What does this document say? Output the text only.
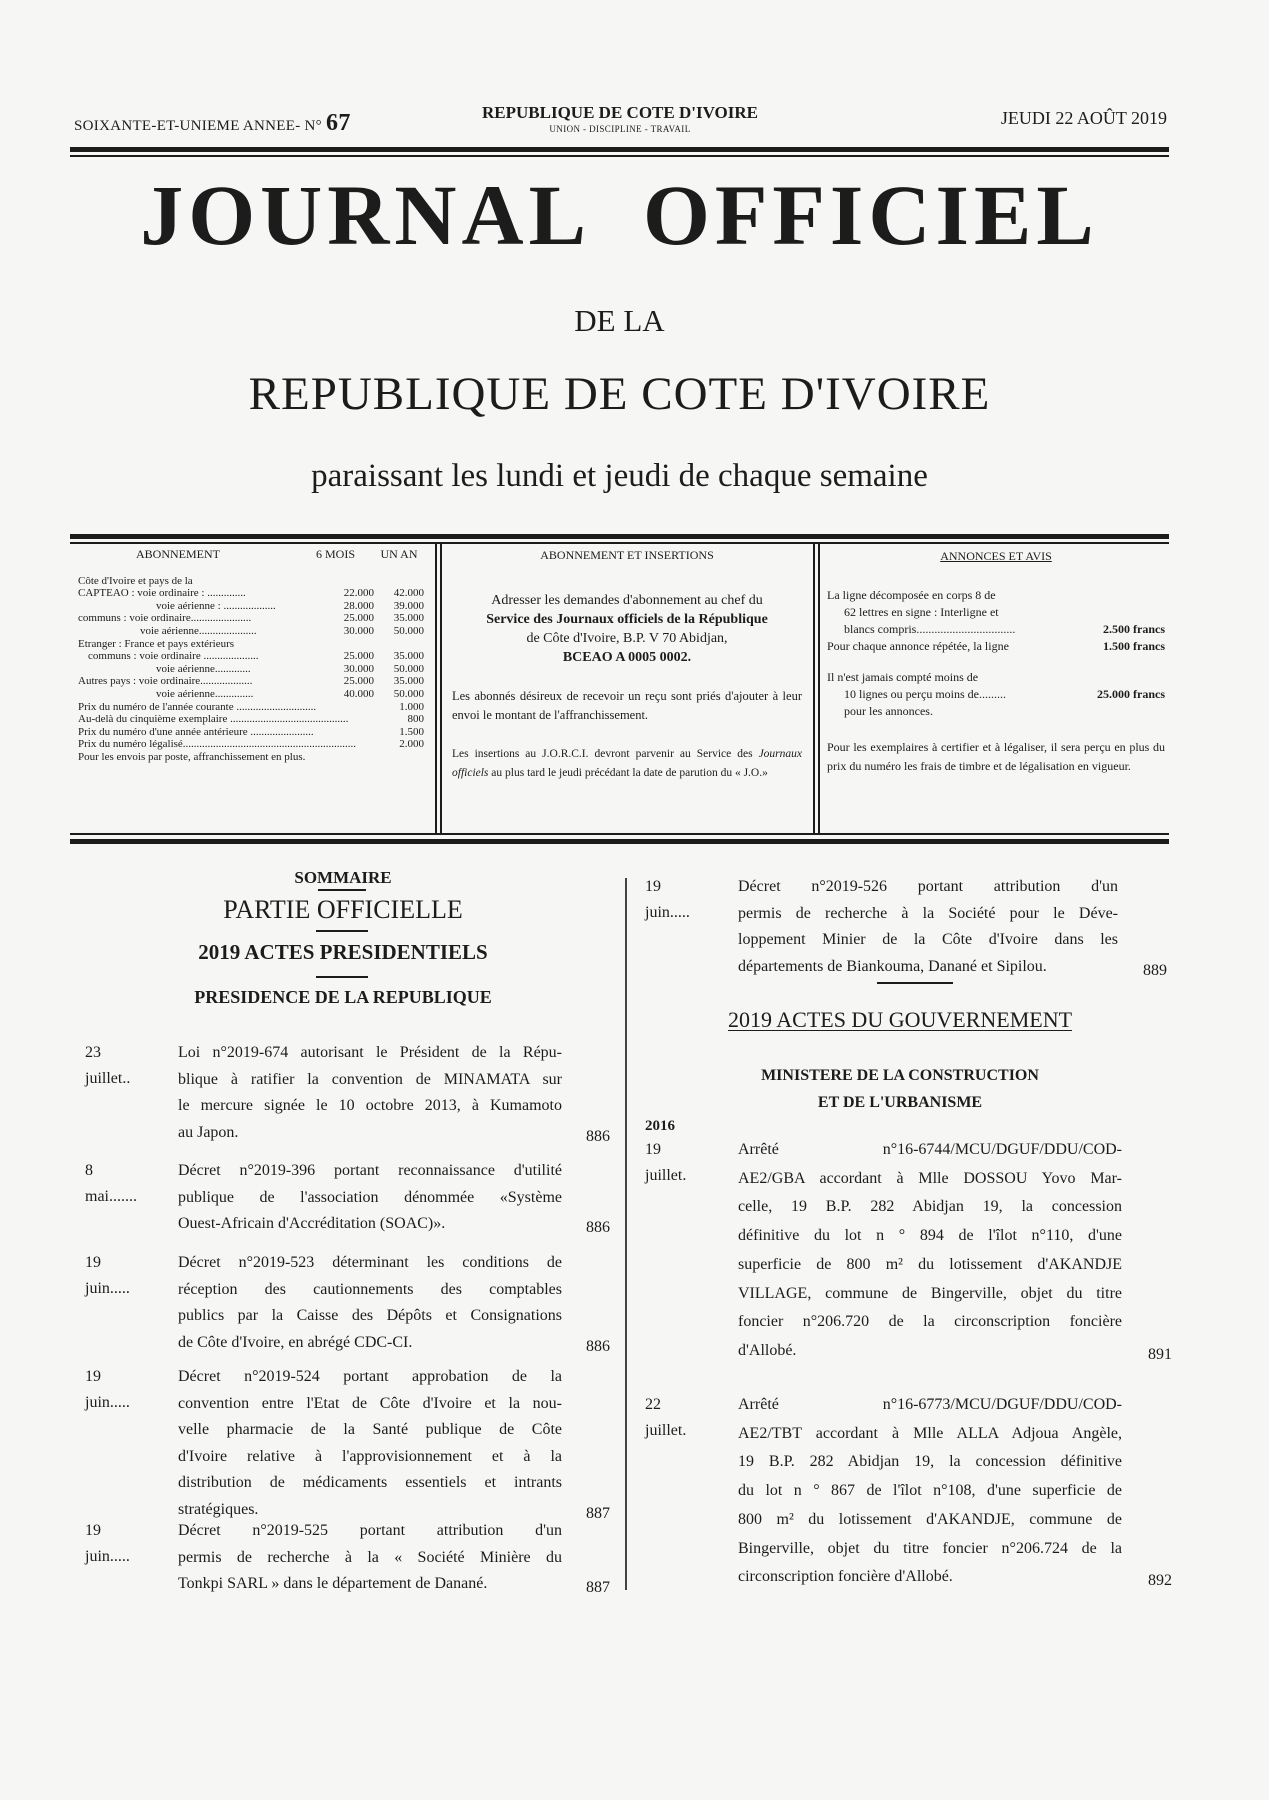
SOIXANTE-ET-UNIEME ANNEE- N° 67	REPUBLIQUE DE COTE D'IVOIRE
UNION - DISCIPLINE - TRAVAIL
JEUDI 22 AOÛT 2019
JOURNAL OFFICIEL
DE LA
REPUBLIQUE DE COTE D'IVOIRE
paraissant les lundi et jeudi de chaque semaine
ABONNEMENT	6 MOIS	UN AN
Côte d'Ivoire et pays de la
CAPTEAO : voie ordinaire : ..............	22.000	42.000
voie aérienne : ...................	28.000	39.000
communs : voie ordinaire......................	25.000	35.000
voie aérienne.....................	30.000	50.000
Etranger : France et pays extérieurs
communs : voie ordinaire ....................	25.000	35.000
voie aérienne.............	30.000	50.000
Autres pays : voie ordinaire...................	25.000	35.000
voie aérienne..............	40.000	50.000
Prix du numéro de l'année courante .............................	1.000
Au-delà du cinquième exemplaire ...........................................	800
Prix du numéro d'une année antérieure .......................	1.500
Prix du numéro légalisé...............................................................	2.000
Pour les envois par poste, affranchissement en plus.
ABONNEMENT ET INSERTIONS

Adresser les demandes d'abonnement au chef du
Service des Journaux officiels de la République
de Côte d'Ivoire, B.P. V 70 Abidjan,
BCEAO A 0005 0002.

Les abonnés désireux de recevoir un reçu sont priés d'ajouter à leur envoi le montant de l'affranchissement.

Les insertions au J.O.R.C.I. devront parvenir au Service des Journaux officiels au plus tard le jeudi précédant la date de parution du « J.O.»

ANNONCES ET AVIS
La ligne décomposée en corps 8 de
62 lettres en signe : Interligne et
blancs compris.................................	2.500 francs
Pour chaque annonce répétée, la ligne	1.500 francs
Il n'est jamais compté moins de
10 lignes ou perçu moins de.........	25.000 francs
pour les annonces.

Pour les exemplaires à certifier et à légaliser, il sera perçu en plus du prix du numéro les frais de timbre et de légalisation en vigueur.

SOMMAIRE
PARTIE OFFICIELLE
2019 ACTES PRESIDENTIELS
PRESIDENCE DE LA REPUBLIQUE
2019 ACTES DU GOUVERNEMENT
MINISTERE DE LA CONSTRUCTION
ET DE L'URBANISME
2016
23 juillet..
Loi n°2019-674 autorisant le Président de la Répu-
blique à ratifier la convention de MINAMATA sur
le mercure signée le 10 octobre 2013, à Kumamoto
au Japon.	886
8 mai.......
Décret n°2019-396 portant reconnaissance d'utilité
publique de l'association dénommée «Système
Ouest-Africain d'Accréditation (SOAC)».	886
19 juin.....
Décret n°2019-523 déterminant les conditions de
réception des cautionnements des comptables
publics par la Caisse des Dépôts et Consignations
de Côte d'Ivoire, en abrégé CDC-CI.	886
19 juin.....
Décret n°2019-524 portant approbation de la
convention entre l'Etat de Côte d'Ivoire et la nou-
velle pharmacie de la Santé publique de Côte
d'Ivoire relative à l'approvisionnement et à la
distribution de médicaments essentiels et intrants
stratégiques.	887
19 juin.....
Décret n°2019-525 portant attribution d'un
permis de recherche à la « Société Minière du
Tonkpi SARL » dans le département de Danané.	887
19 juin.....
Décret n°2019-526 portant attribution d'un
permis de recherche à la Société pour le Déve-
loppement Minier de la Côte d'Ivoire dans les
départements de Biankouma, Danané et Sipilou.	889
19 juillet.
Arrêté n°16-6744/MCU/DGUF/DDU/COD-
AE2/GBA accordant à Mlle DOSSOU Yovo Mar-
celle, 19 B.P. 282 Abidjan 19, la concession
définitive du lot n ° 894 de l'îlot n°110, d'une
superficie de 800 m² du lotissement d'AKANDJE
VILLAGE, commune de Bingerville, objet du titre
foncier n°206.720 de la circonscription foncière
d'Allobé.	891
22 juillet.
Arrêté n°16-6773/MCU/DGUF/DDU/COD-
AE2/TBT accordant à Mlle ALLA Adjoua Angèle,
19 B.P. 282 Abidjan 19, la concession définitive
du lot n ° 867 de l'îlot n°108, d'une superficie de
800 m² du lotissement d'AKANDJE, commune de
Bingerville, objet du titre foncier n°206.724 de la
circonscription foncière d'Allobé.	892
